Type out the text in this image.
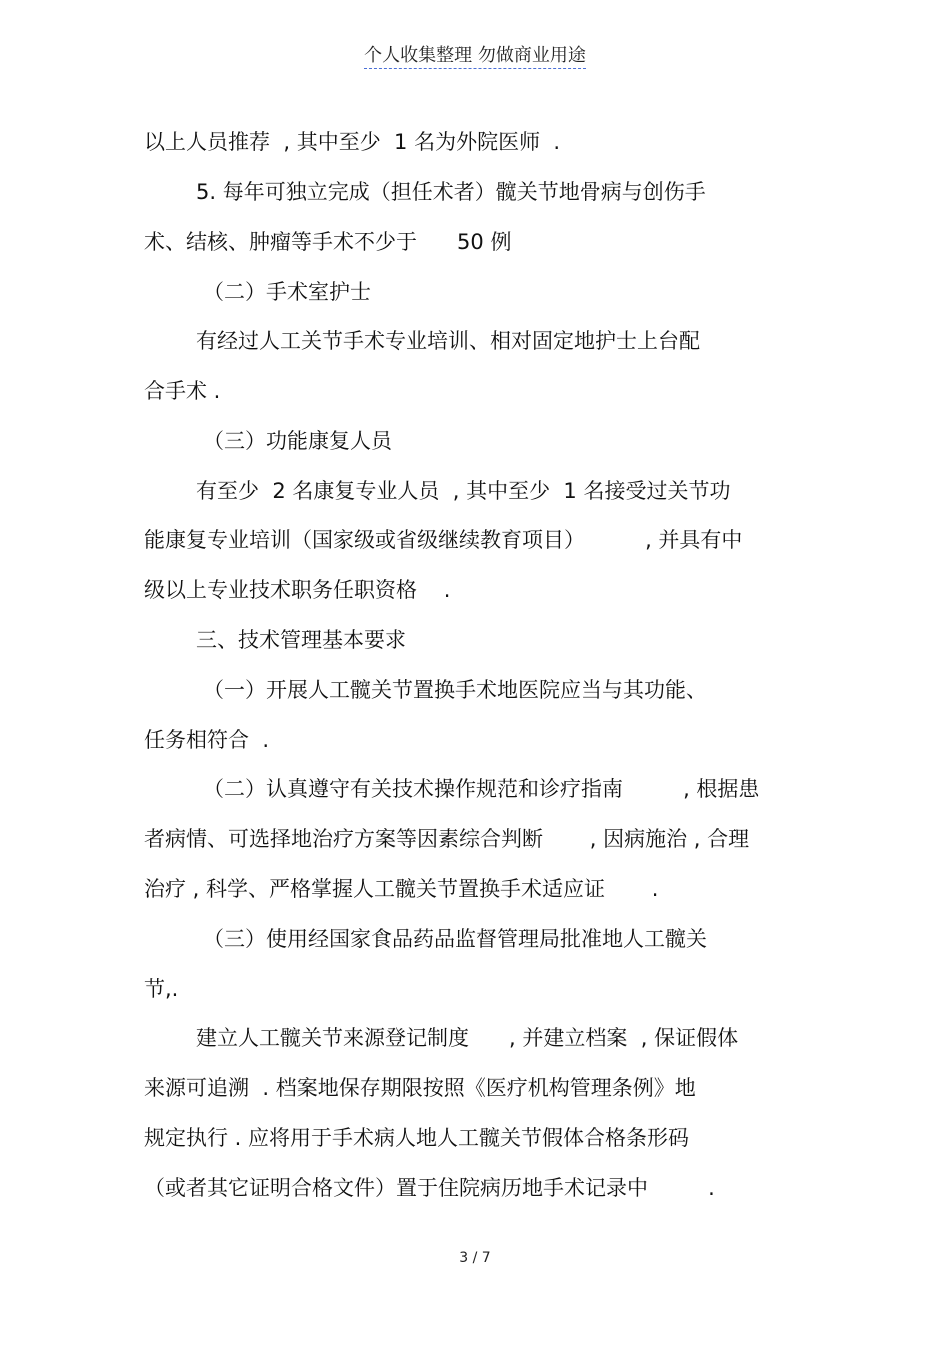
个人收集整理 勿做商业用途
以上人员推荐  , 其中至少  1 名为外院医师  .
5. 每年可独立完成（担任术者）髋关节地骨病与创伤手
术、结核、肿瘤等手术不少于      50 例
（二）手术室护士
有经过人工关节手术专业培训、相对固定地护士上台配
合手术 .
（三）功能康复人员
有至少  2 名康复专业人员  , 其中至少  1 名接受过关节功
能康复专业培训（国家级或省级继续教育项目）         , 并具有中
级以上专业技术职务任职资格    .
三、技术管理基本要求
（一）开展人工髋关节置换手术地医院应当与其功能、
任务相符合  .
（二）认真遵守有关技术操作规范和诊疗指南         , 根据患
者病情、可选择地治疗方案等因素综合判断       , 因病施治 , 合理
治疗 , 科学、严格掌握人工髋关节置换手术适应证       .
（三）使用经国家食品药品监督管理局批准地人工髋关
节,.
建立人工髋关节来源登记制度      , 并建立档案  , 保证假体
来源可追溯  . 档案地保存期限按照《医疗机构管理条例》地
规定执行 . 应将用于手术病人地人工髋关节假体合格条形码
（或者其它证明合格文件）置于住院病历地手术记录中         .
3 / 7
